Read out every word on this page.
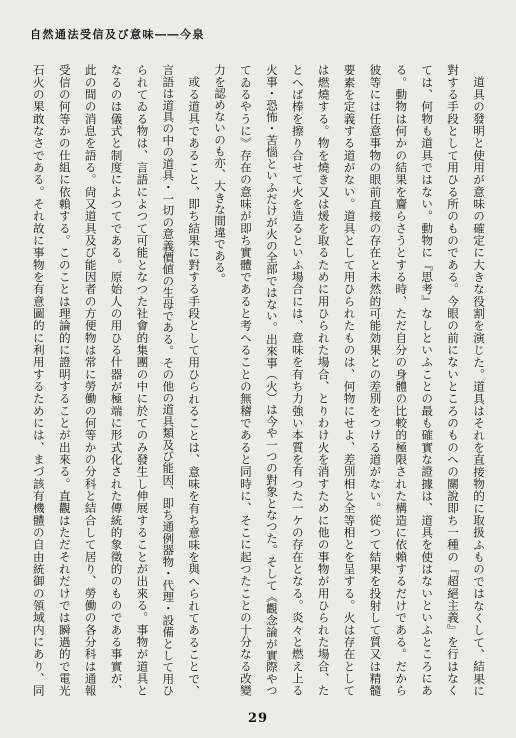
自然通法受信及び意味――今泉
道具の發明と使用が意味の確定に大きな役割を演じた。道具はそれを直接物的に取扱ふものではなくして、結果に
對する手段として用ひる所のものである。今眼の前にないところのものへの關說即ち一種の『超絕主義』を行はなく
ては、何物も道具ではない。動物に『思考』なしといふことの最も確實な證據は、道具を使はないといふところにあ
る。動物は何かの結果を齎らさうとする時、ただ自分の身體の比較的極限された構造に依賴するだけである。だから
彼等には任意事物の眼前直接の存在と未然的可能効果との差別をつける道がない。從つて結果を投射して質又は精髓
要素を定義する道がない。道具として用ひられたものは、何物にせよ、差別相と全等相とを呈する。火は存在として
は燃燒する。物を燒き又は煖を取るために用ひられた場合、とりわけ火を消すために他の事物が用ひられた場合、た
とへば棒を擦り合せて火を造るといふ場合には、意味を有ち力強い本質を有つた一ケの存在となる。炎々と燃え上る
火事・恐怖・苦惱といふだけが火の全部ではない。出來事（火）は今や一つの對象となつた。そして《觀念論が實際やつ
てゐるやうに》存在の意味が即ち實體であると考へることの無稽であると同時に、そこに起つたことの十分なる改變
力を認めないのも亦、大きな間違である。
或る道具であること、即ち結果に對する手段として用ひられることは、意味を有ち意味を與へられてあることで、
言語は道具の中の道具・一切の意義價値の生母である。その他の道具類及び能因、即ち通例器物・代理・設備として用ひ
られてゐる物は、言語によつて可能となつた社會的集團の中に於てのみ發生し伸展することが出來る。事物が道具と
なるのは儀式と制度によつてである。原始人の用ひる什器が極端に形式化された傳統的象徵的のものである事實が、
此の間の消息を語る。尙又道具及び能因者の方便物は常に勞働の何等かの分科と結合して居り、勞働の各分科は通報
受信の何等かの仕組に依賴する。このことは理論的に證明することが出來る。直觀はただそれだけでは瞬過的で電光
石火の果敢なさである。それ故に事物を有意圖的に利用するためには、まづ該有機體の自由統御の領域内にあり、同
29
